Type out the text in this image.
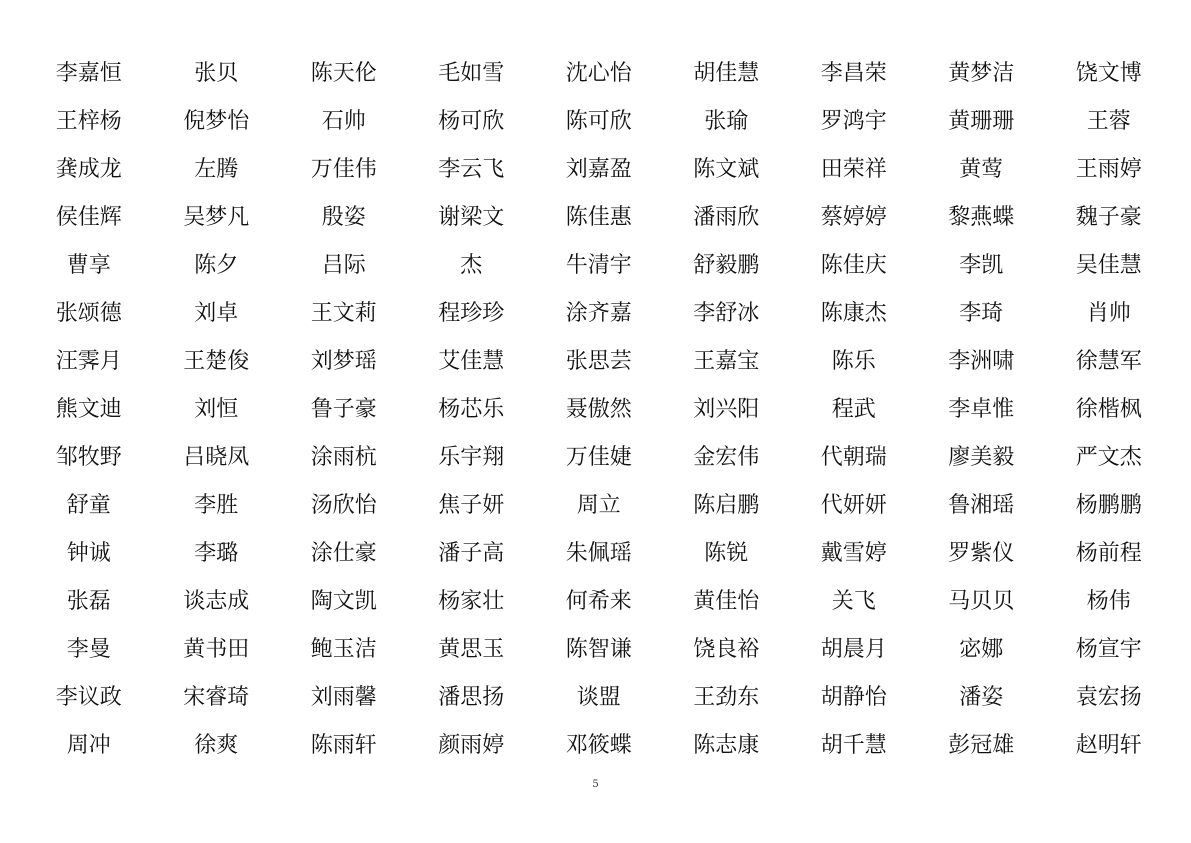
李嘉恒	张贝	陈天伦	毛如雪	沈心怡	胡佳慧	李昌荣	黄梦洁	饶文博
王梓杨	倪梦怡	石帅	杨可欣	陈可欣	张瑜	罗鸿宇	黄珊珊	王蓉
龚成龙	左腾	万佳伟	李云飞	刘嘉盈	陈文斌	田荣祥	黄莺	王雨婷
侯佳辉	吴梦凡	殷姿	谢梁文	陈佳惠	潘雨欣	蔡婷婷	黎燕蝶	魏子豪
曹享	陈夕	吕际	杰	牛清宇	舒毅鹏	陈佳庆	李凯	吴佳慧
张颂德	刘卓	王文莉	程珍珍	涂齐嘉	李舒冰	陈康杰	李琦	肖帅
汪霁月	王楚俊	刘梦瑶	艾佳慧	张思芸	王嘉宝	陈乐	李洲啸	徐慧军
熊文迪	刘恒	鲁子豪	杨芯乐	聂傲然	刘兴阳	程武	李卓惟	徐楷枫
邹牧野	吕晓凤	涂雨杭	乐宇翔	万佳婕	金宏伟	代朝瑞	廖美毅	严文杰
舒童	李胜	汤欣怡	焦子妍	周立	陈启鹏	代妍妍	鲁湘瑶	杨鹏鹏
钟诚	李璐	涂仕豪	潘子高	朱佩瑶	陈锐	戴雪婷	罗紫仪	杨前程
张磊	谈志成	陶文凯	杨家壮	何希来	黄佳怡	关飞	马贝贝	杨伟
李曼	黄书田	鲍玉洁	黄思玉	陈智谦	饶良裕	胡晨月	宓娜	杨宣宇
李议政	宋睿琦	刘雨馨	潘思扬	谈盟	王劲东	胡静怡	潘姿	袁宏扬
周冲	徐爽	陈雨轩	颜雨婷	邓筱蝶	陈志康	胡千慧	彭冠雄	赵明轩
5
